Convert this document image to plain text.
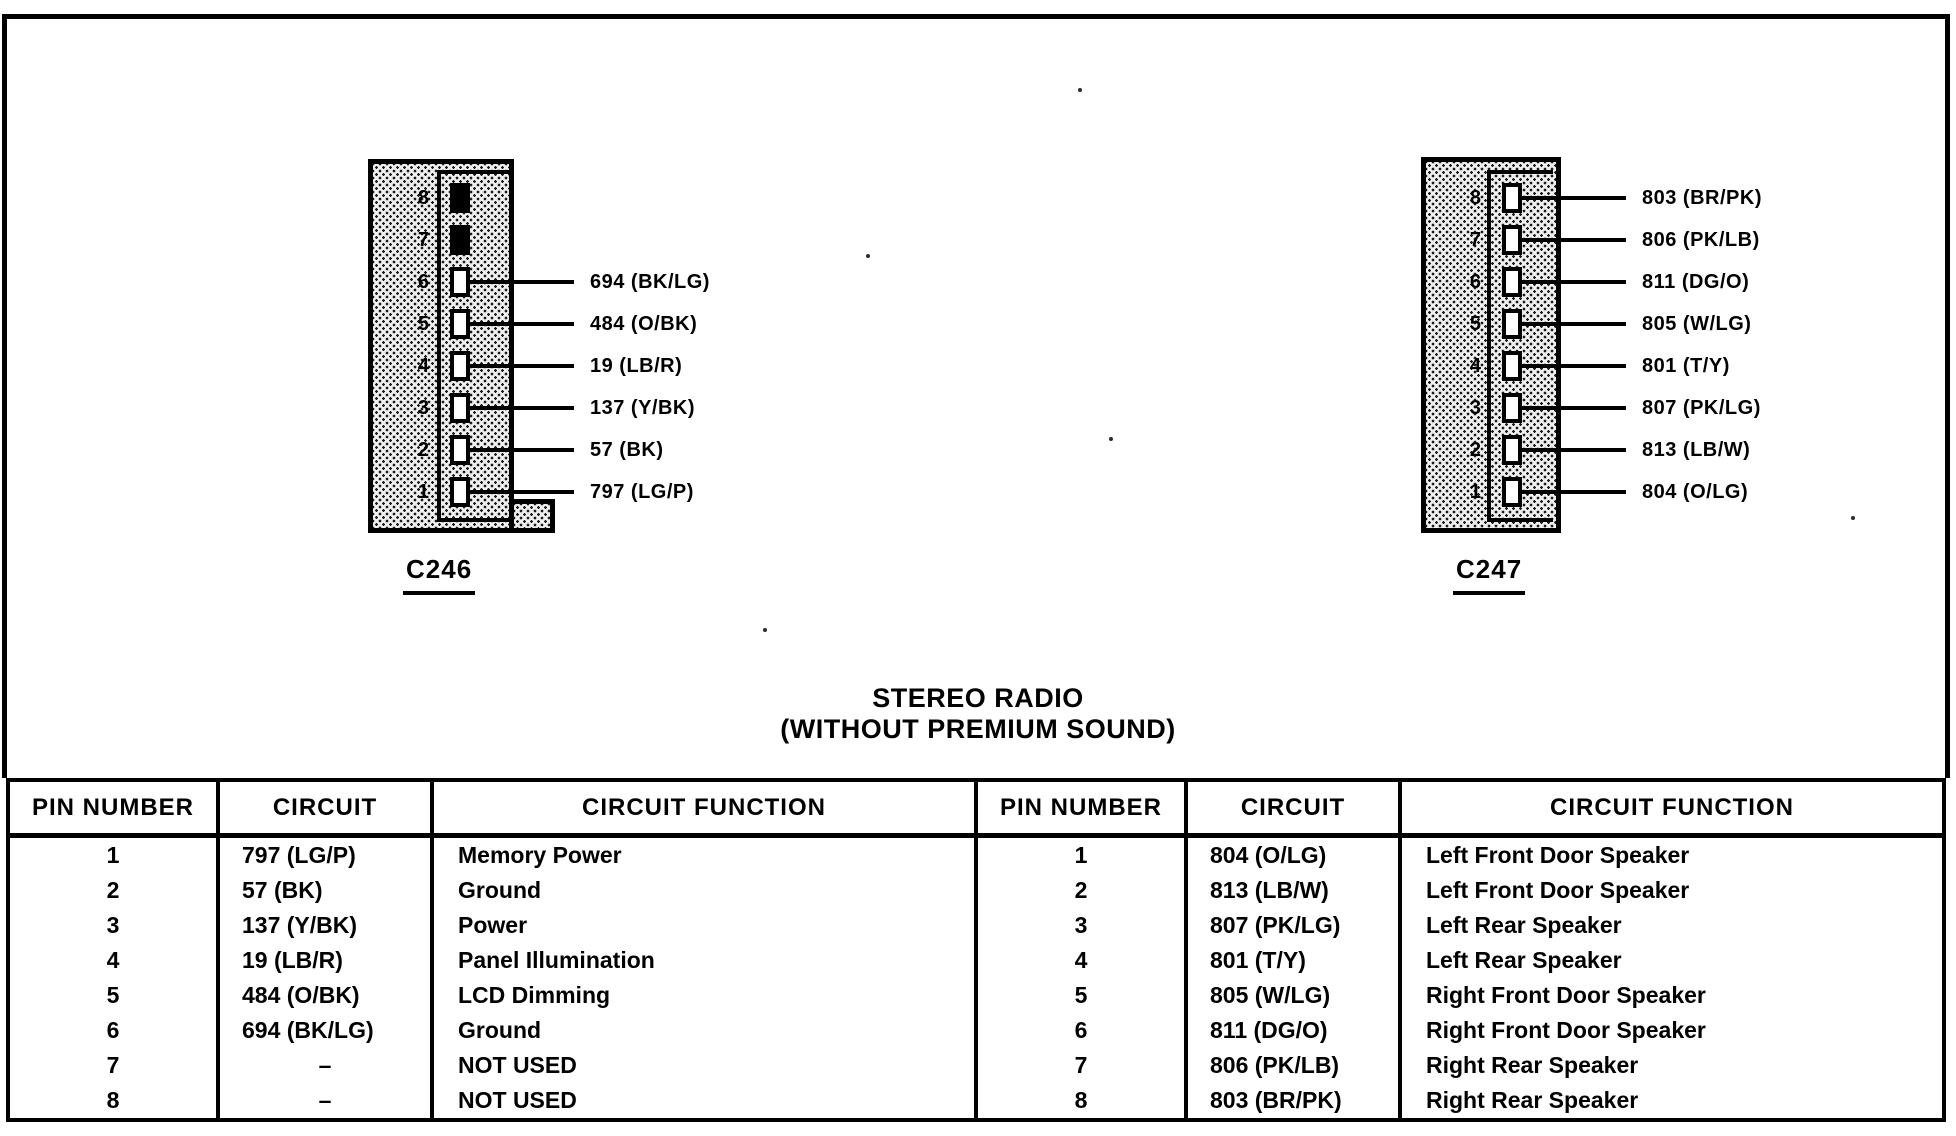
8
7
6	694 (BK/LG)
5	484 (O/BK)
4	19 (LB/R)
3	137 (Y/BK)
2	57 (BK)
1	797 (LG/P)
C246
8	803 (BR/PK)
7	806 (PK/LB)
6	811 (DG/O)
5	805 (W/LG)
4	801 (T/Y)
3	807 (PK/LG)
2	813 (LB/W)
1	804 (O/LG)
C247
STEREO RADIO
(WITHOUT PREMIUM SOUND)
PIN NUMBER	CIRCUIT	CIRCUIT FUNCTION
1	797 (LG/P)	Memory Power
2	57 (BK)	Ground
3	137 (Y/BK)	Power
4	19 (LB/R)	Panel Illumination
5	484 (O/BK)	LCD Dimming
6	694 (BK/LG)	Ground
7	–	NOT USED
8	–	NOT USED
PIN NUMBER	CIRCUIT	CIRCUIT FUNCTION
1	804 (O/LG)	Left Front Door Speaker
2	813 (LB/W)	Left Front Door Speaker
3	807 (PK/LG)	Left Rear Speaker
4	801 (T/Y)	Left Rear Speaker
5	805 (W/LG)	Right Front Door Speaker
6	811 (DG/O)	Right Front Door Speaker
7	806 (PK/LB)	Right Rear Speaker
8	803 (BR/PK)	Right Rear Speaker
